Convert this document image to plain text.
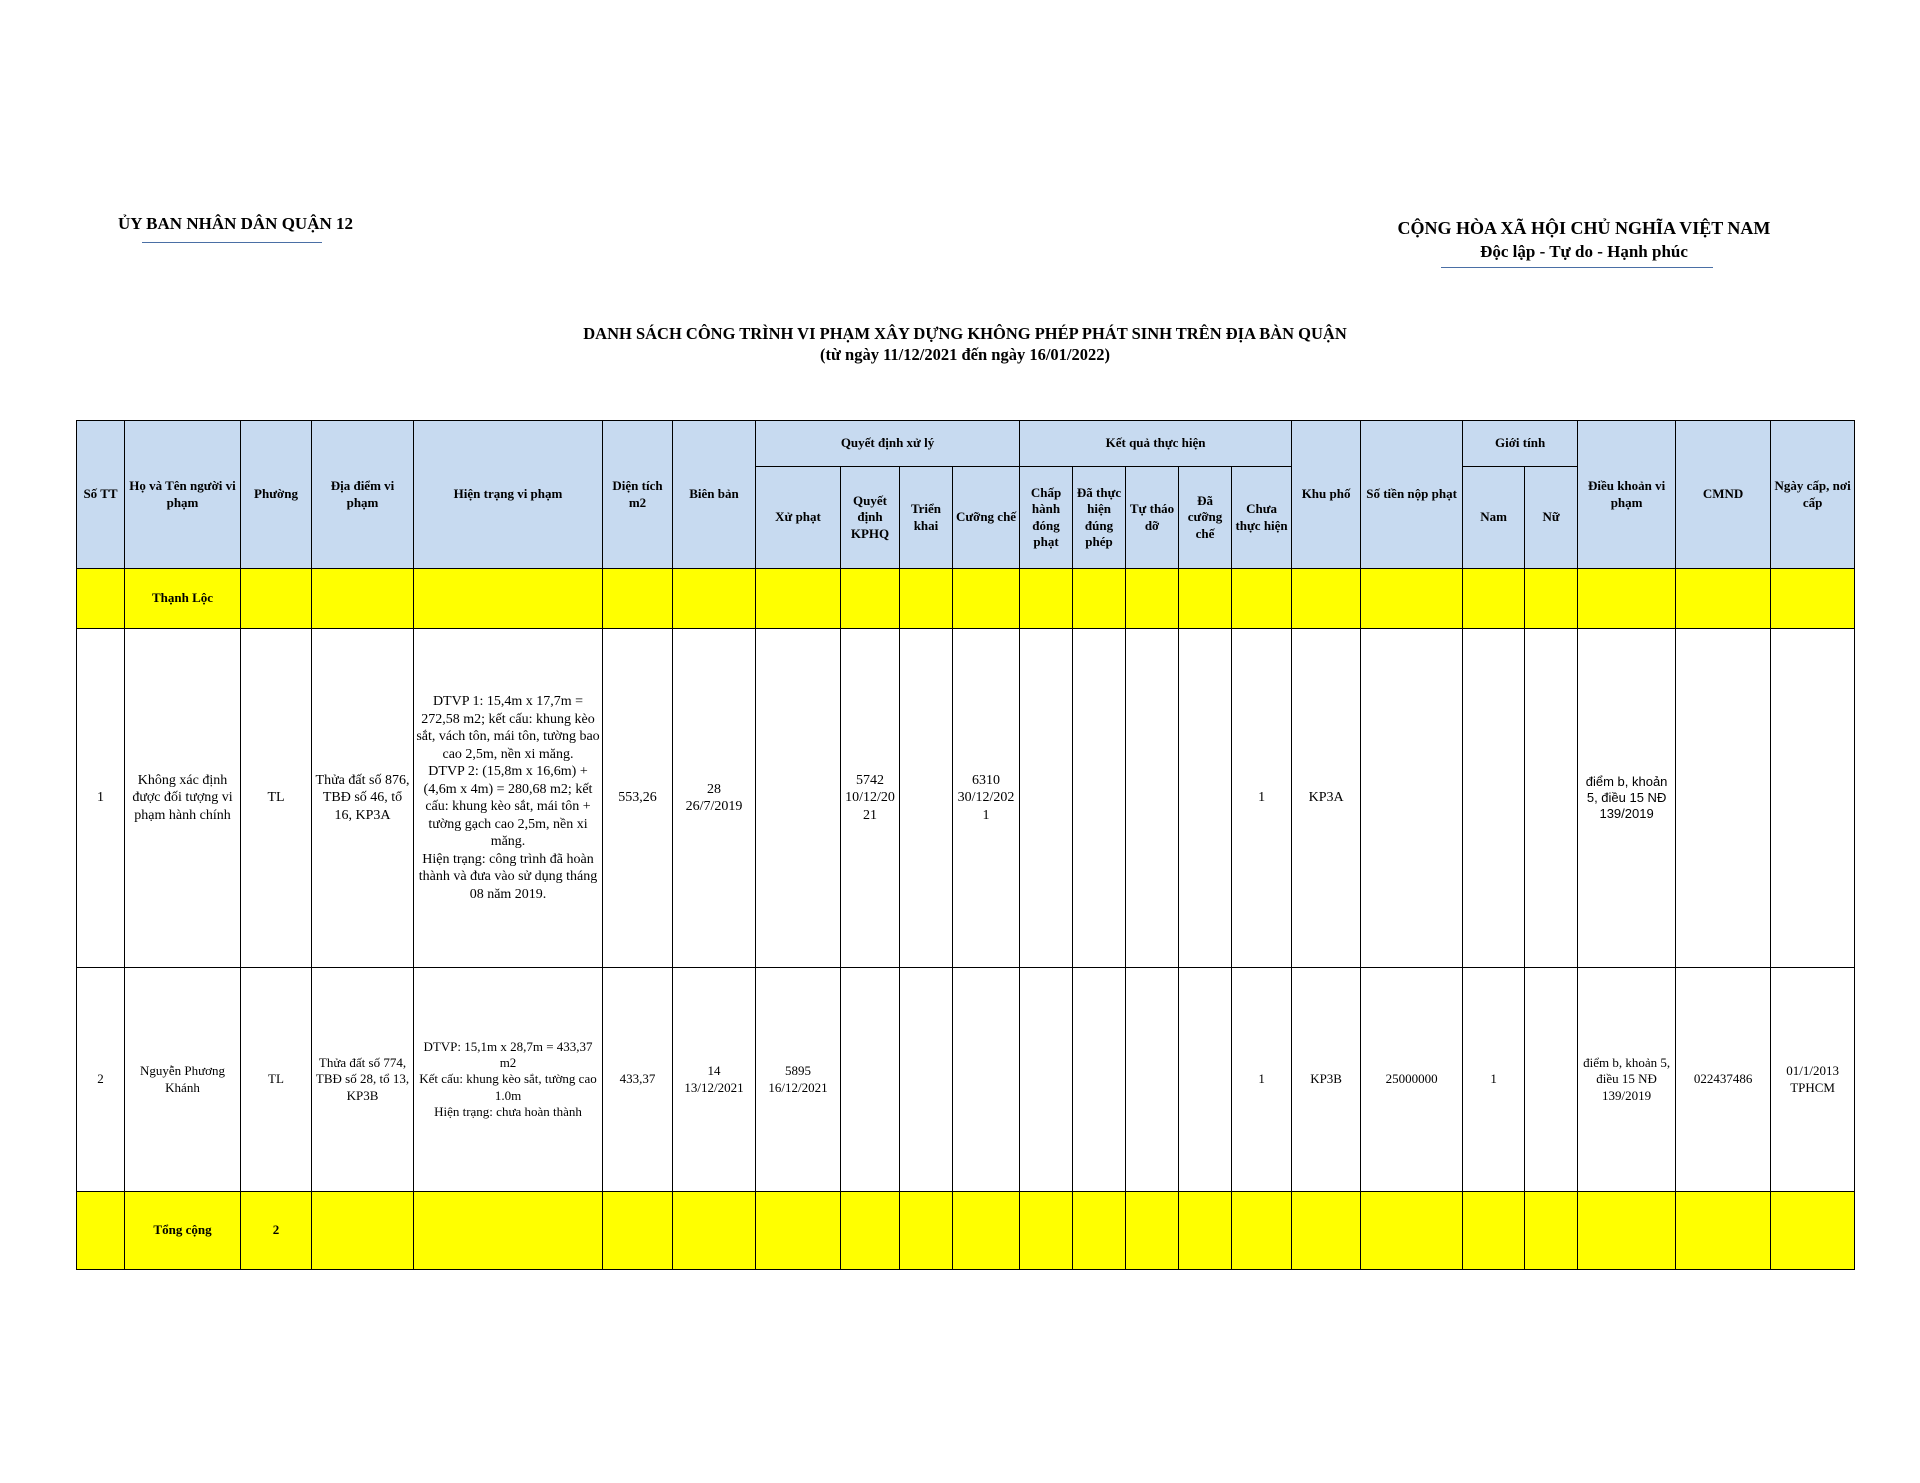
ỦY BAN NHÂN DÂN QUẬN 12	CỘNG HÒA XÃ HỘI CHỦ NGHĨA VIỆT NAM
Độc lập - Tự do - Hạnh phúc
DANH SÁCH CÔNG TRÌNH VI PHẠM XÂY DỰNG KHÔNG PHÉP PHÁT SINH TRÊN ĐỊA BÀN QUẬN
(từ ngày 11/12/2021 đến ngày 16/01/2022)
Số TT	Họ và Tên người vi phạm	Phường	Địa điểm vi phạm	Hiện trạng vi phạm	Diện tích m2	Biên bản	Quyết định xử lý				Kết quả thực hiện					Khu phố	Số tiền nộp phạt	Giới tính		Điều khoản vi phạm	CMND	Ngày cấp, nơi cấp
							Xử phạt	Quyết định KPHQ	Triển khai	Cưỡng chế	Chấp hành đóng phạt	Đã thực hiện đúng phép	Tự tháo dỡ	Đã cưỡng chế	Chưa thực hiện			Nam	Nữ			
	Thạnh Lộc																					
1	Không xác định được đối tượng vi phạm hành chính	TL	Thửa đất số 876, TBĐ số 46, tổ 16, KP3A	DTVP 1: 15,4m x 17,7m = 272,58 m2; kết cấu: khung kèo sắt, vách tôn, mái tôn, tường bao cao 2,5m, nền xi măng.
DTVP 2: (15,8m x 16,6m) + (4,6m x 4m) = 280,68 m2; kết cấu: khung kèo sắt, mái tôn + tường gạch cao 2,5m, nền xi măng.
Hiện trạng: công trình đã hoàn thành và đưa vào sử dụng tháng 08 năm 2019.	553,26	28
26/7/2019		5742
10/12/2021		6310
30/12/2021					1	KP3A				điểm b, khoản 5, điều 15 NĐ 139/2019		

2	Nguyễn Phương Khánh	TL	Thửa đất số 774, TBĐ số 28, tổ 13, KP3B	DTVP: 15,1m x 28,7m = 433,37 m2
Kết cấu: khung kèo sắt, tường cao 1.0m
Hiện trạng: chưa hoàn thành	433,37	14
13/12/2021	5895
16/12/2021								1	KP3B	25000000	1		điểm b, khoản 5, điều 15 NĐ 139/2019	022437486	01/1/2013
TPHCM

	Tổng cộng	2																				
